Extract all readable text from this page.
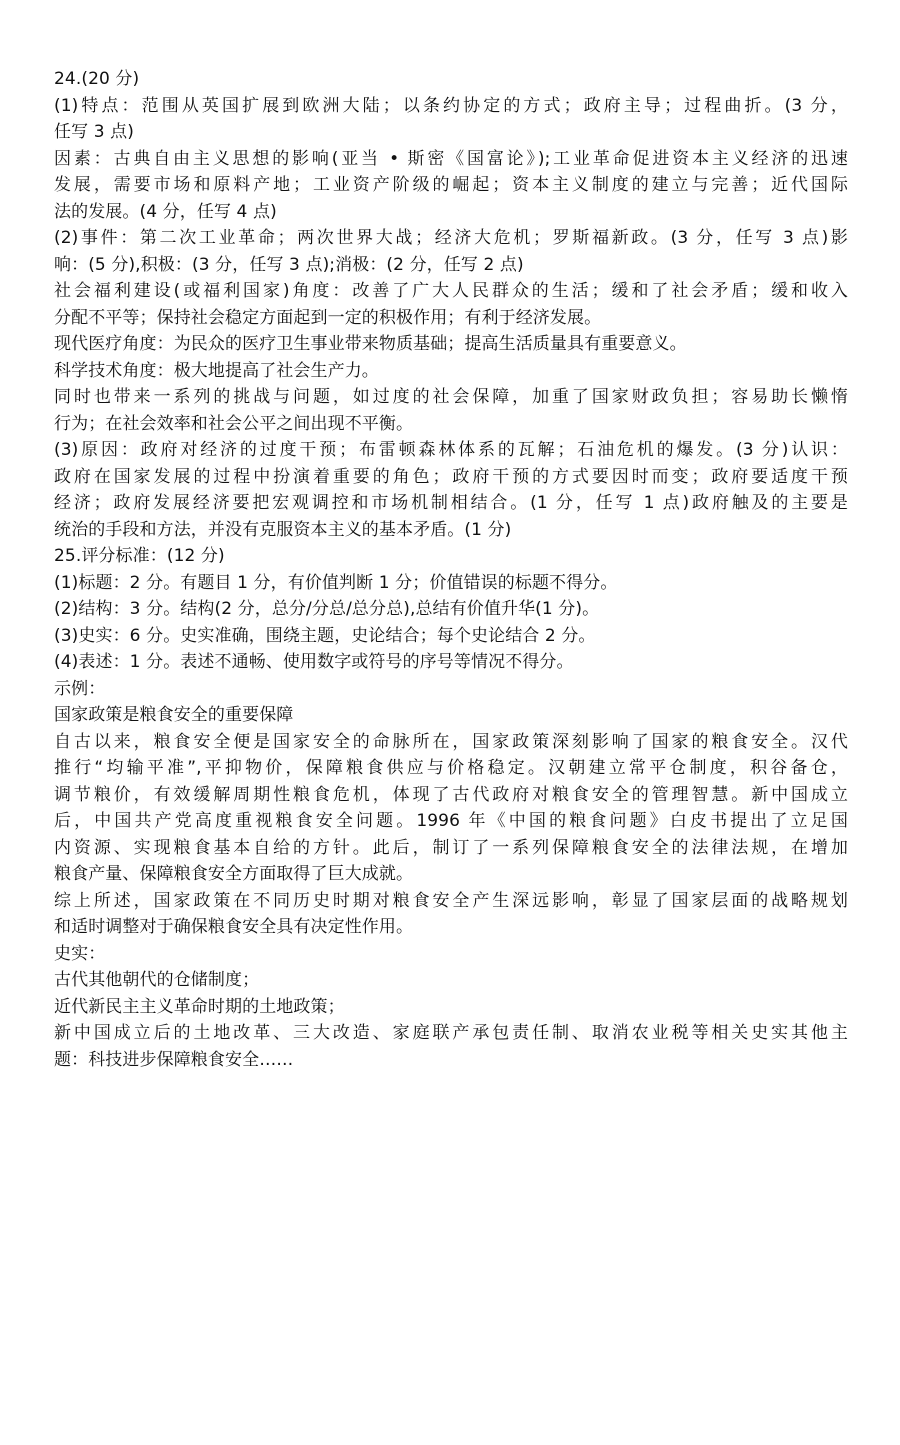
24.(20 分)
(1)特点：范围从英国扩展到欧洲大陆；以条约协定的方式；政府主导；过程曲折。(3 分，
任写 3 点)
因素：古典自由主义思想的影响(亚当 • 斯密《国富论》);工业革命促进资本主义经济的迅速
发展，需要市场和原料产地；工业资产阶级的崛起；资本主义制度的建立与完善；近代国际
法的发展。(4 分，任写 4 点)
(2)事件：第二次工业革命；两次世界大战；经济大危机；罗斯福新政。(3 分，任写 3 点)影
响：(5 分),积极：(3 分，任写 3 点);消极：(2 分，任写 2 点)
社会福利建设(或福利国家)角度：改善了广大人民群众的生活；缓和了社会矛盾；缓和收入
分配不平等；保持社会稳定方面起到一定的积极作用；有利于经济发展。
现代医疗角度：为民众的医疗卫生事业带来物质基础；提高生活质量具有重要意义。
科学技术角度：极大地提高了社会生产力。
同时也带来一系列的挑战与问题，如过度的社会保障，加重了国家财政负担；容易助长懒惰
行为；在社会效率和社会公平之间出现不平衡。
(3)原因：政府对经济的过度干预；布雷顿森林体系的瓦解；石油危机的爆发。(3 分)认识：
政府在国家发展的过程中扮演着重要的角色；政府干预的方式要因时而变；政府要适度干预
经济；政府发展经济要把宏观调控和市场机制相结合。(1 分，任写 1 点)政府触及的主要是
统治的手段和方法，并没有克服资本主义的基本矛盾。(1 分)
25.评分标准：(12 分)
(1)标题：2 分。有题目 1 分，有价值判断 1 分；价值错误的标题不得分。
(2)结构：3 分。结构(2 分，总分/分总/总分总),总结有价值升华(1 分)。
(3)史实：6 分。史实准确，围绕主题，史论结合；每个史论结合 2 分。
(4)表述：1 分。表述不通畅、使用数字或符号的序号等情况不得分。
示例：
国家政策是粮食安全的重要保障
自古以来，粮食安全便是国家安全的命脉所在，国家政策深刻影响了国家的粮食安全。汉代
推行“均输平准”,平抑物价，保障粮食供应与价格稳定。汉朝建立常平仓制度，积谷备仓，
调节粮价，有效缓解周期性粮食危机，体现了古代政府对粮食安全的管理智慧。新中国成立
后，中国共产党高度重视粮食安全问题。1996 年《中国的粮食问题》白皮书提出了立足国
内资源、实现粮食基本自给的方针。此后，制订了一系列保障粮食安全的法律法规，在增加
粮食产量、保障粮食安全方面取得了巨大成就。
综上所述，国家政策在不同历史时期对粮食安全产生深远影响，彰显了国家层面的战略规划
和适时调整对于确保粮食安全具有决定性作用。
史实：
古代其他朝代的仓储制度；
近代新民主主义革命时期的土地政策；
新中国成立后的土地改革、三大改造、家庭联产承包责任制、取消农业税等相关史实其他主
题：科技进步保障粮食安全……
